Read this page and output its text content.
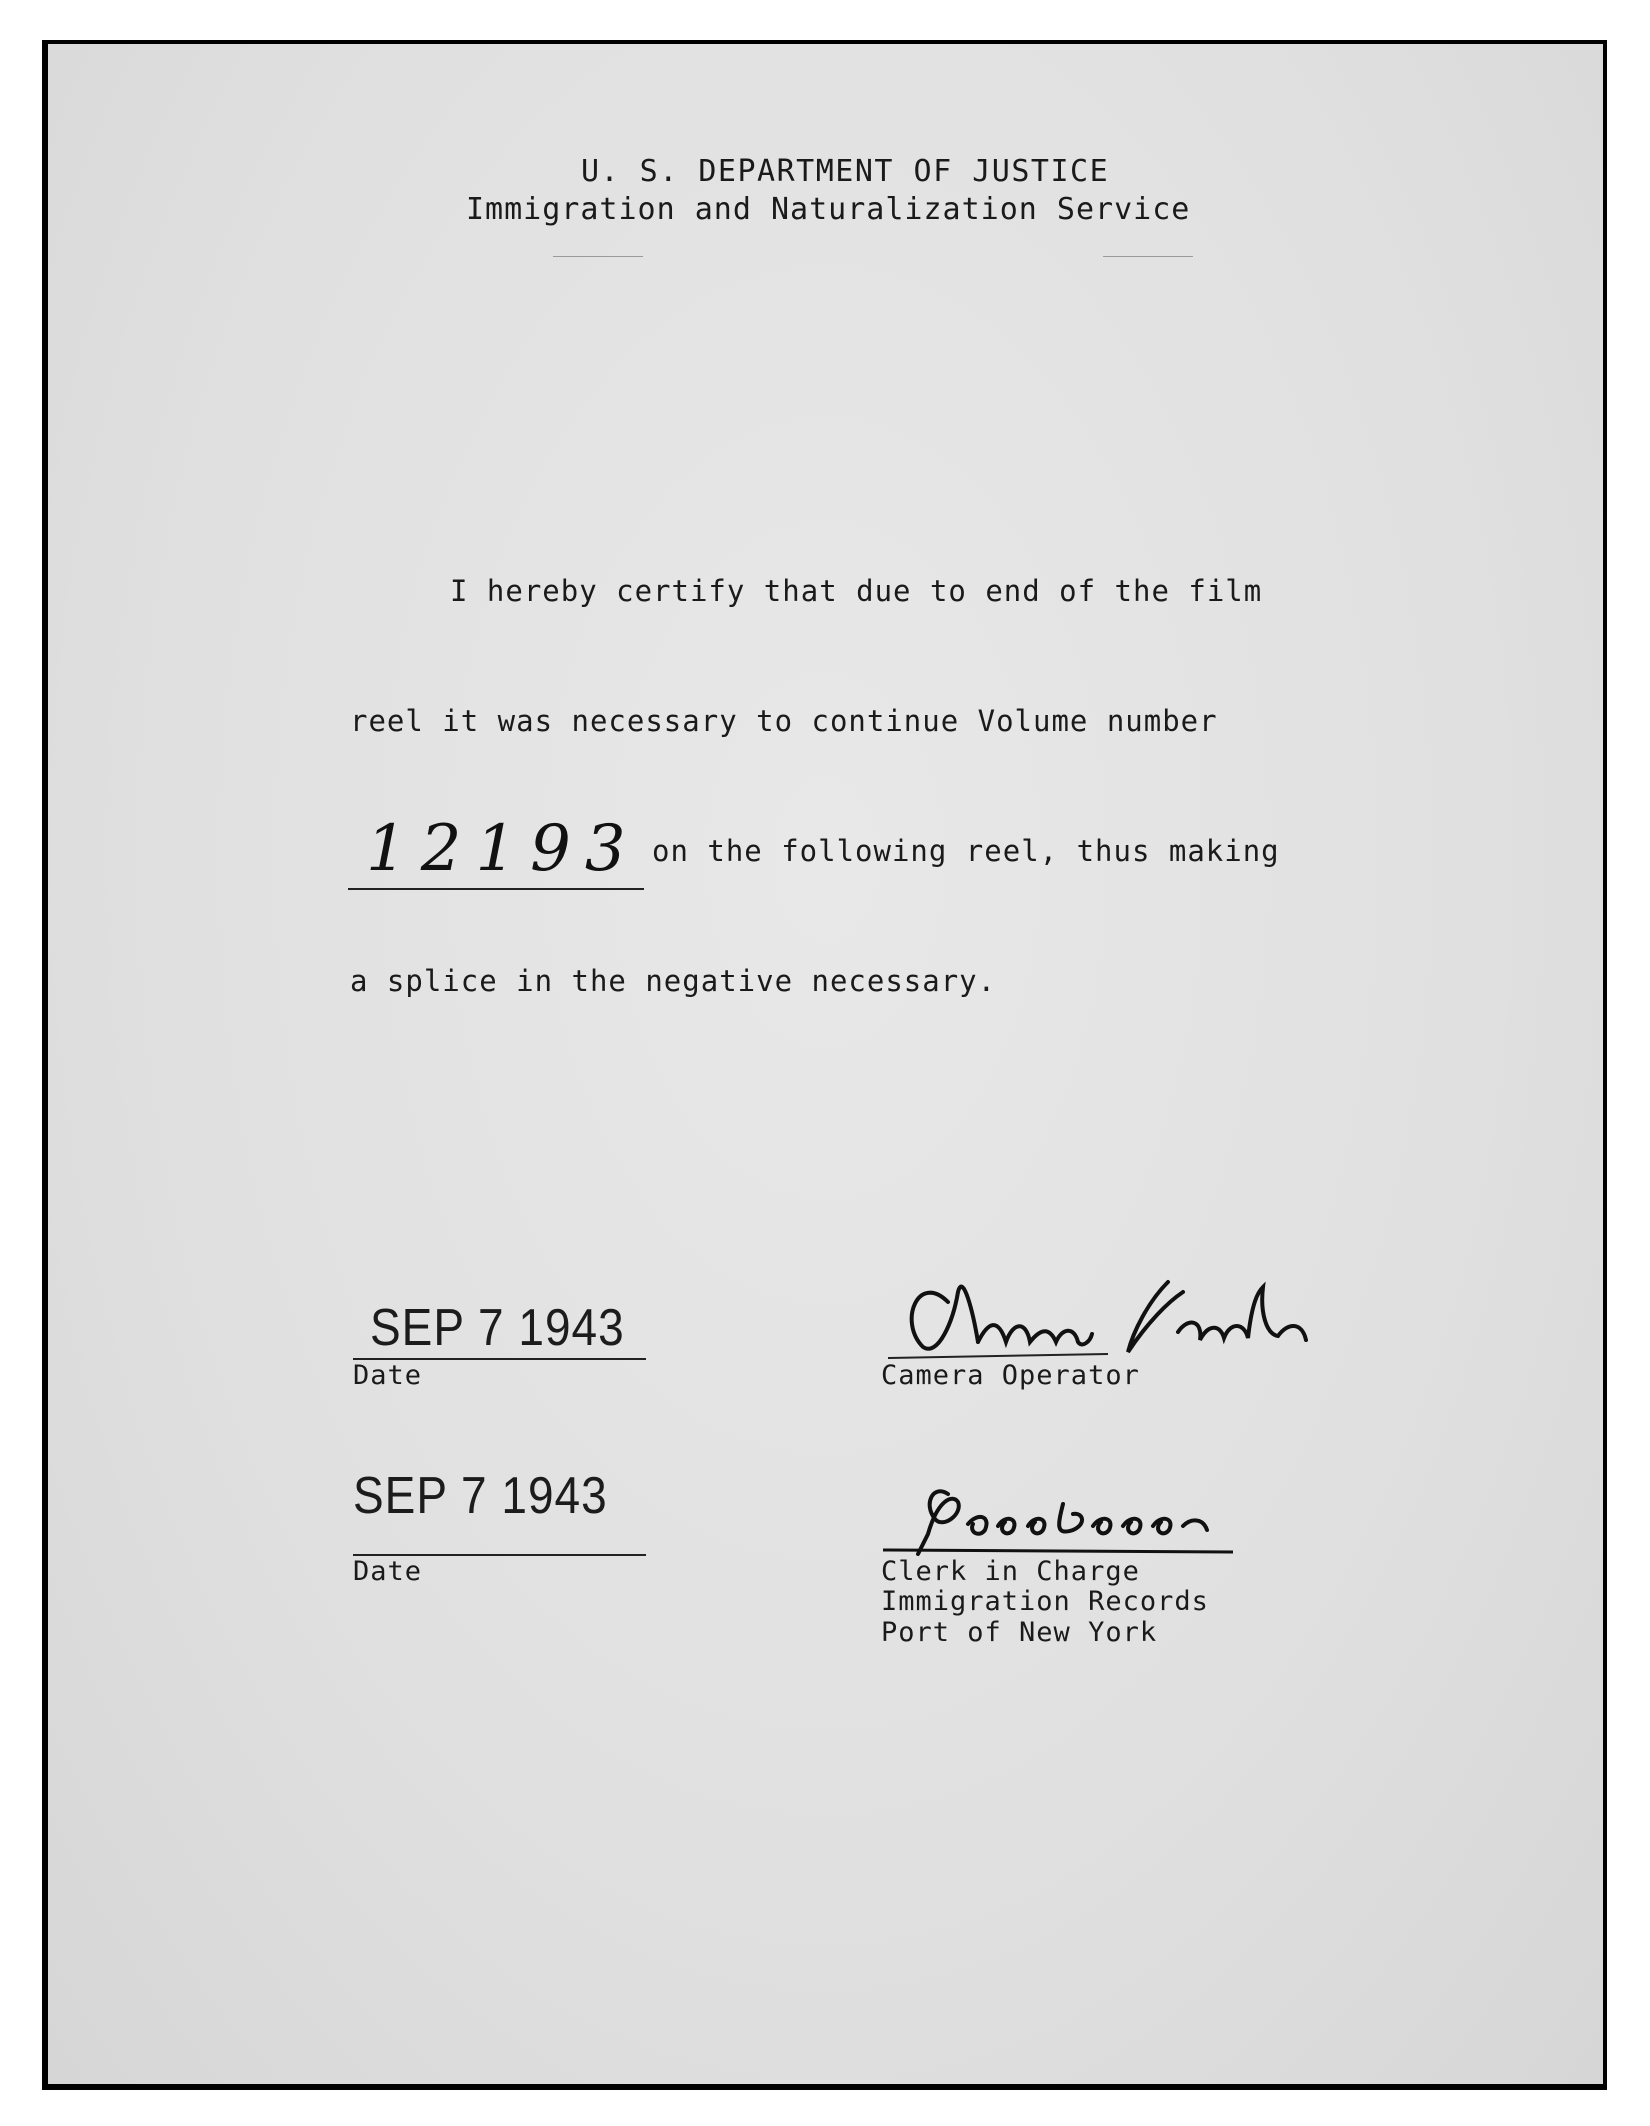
U. S. DEPARTMENT OF JUSTICE

Immigration and Naturalization Service

I hereby certify that due to end of the film

reel it was necessary to continue Volume number

12193 on the following reel, thus making

a splice in the negative necessary.

SEP 7 1943

Date	Camera Operator

SEP 7 1943

Date	Clerk in Charge

Immigration Records

Port of New York
